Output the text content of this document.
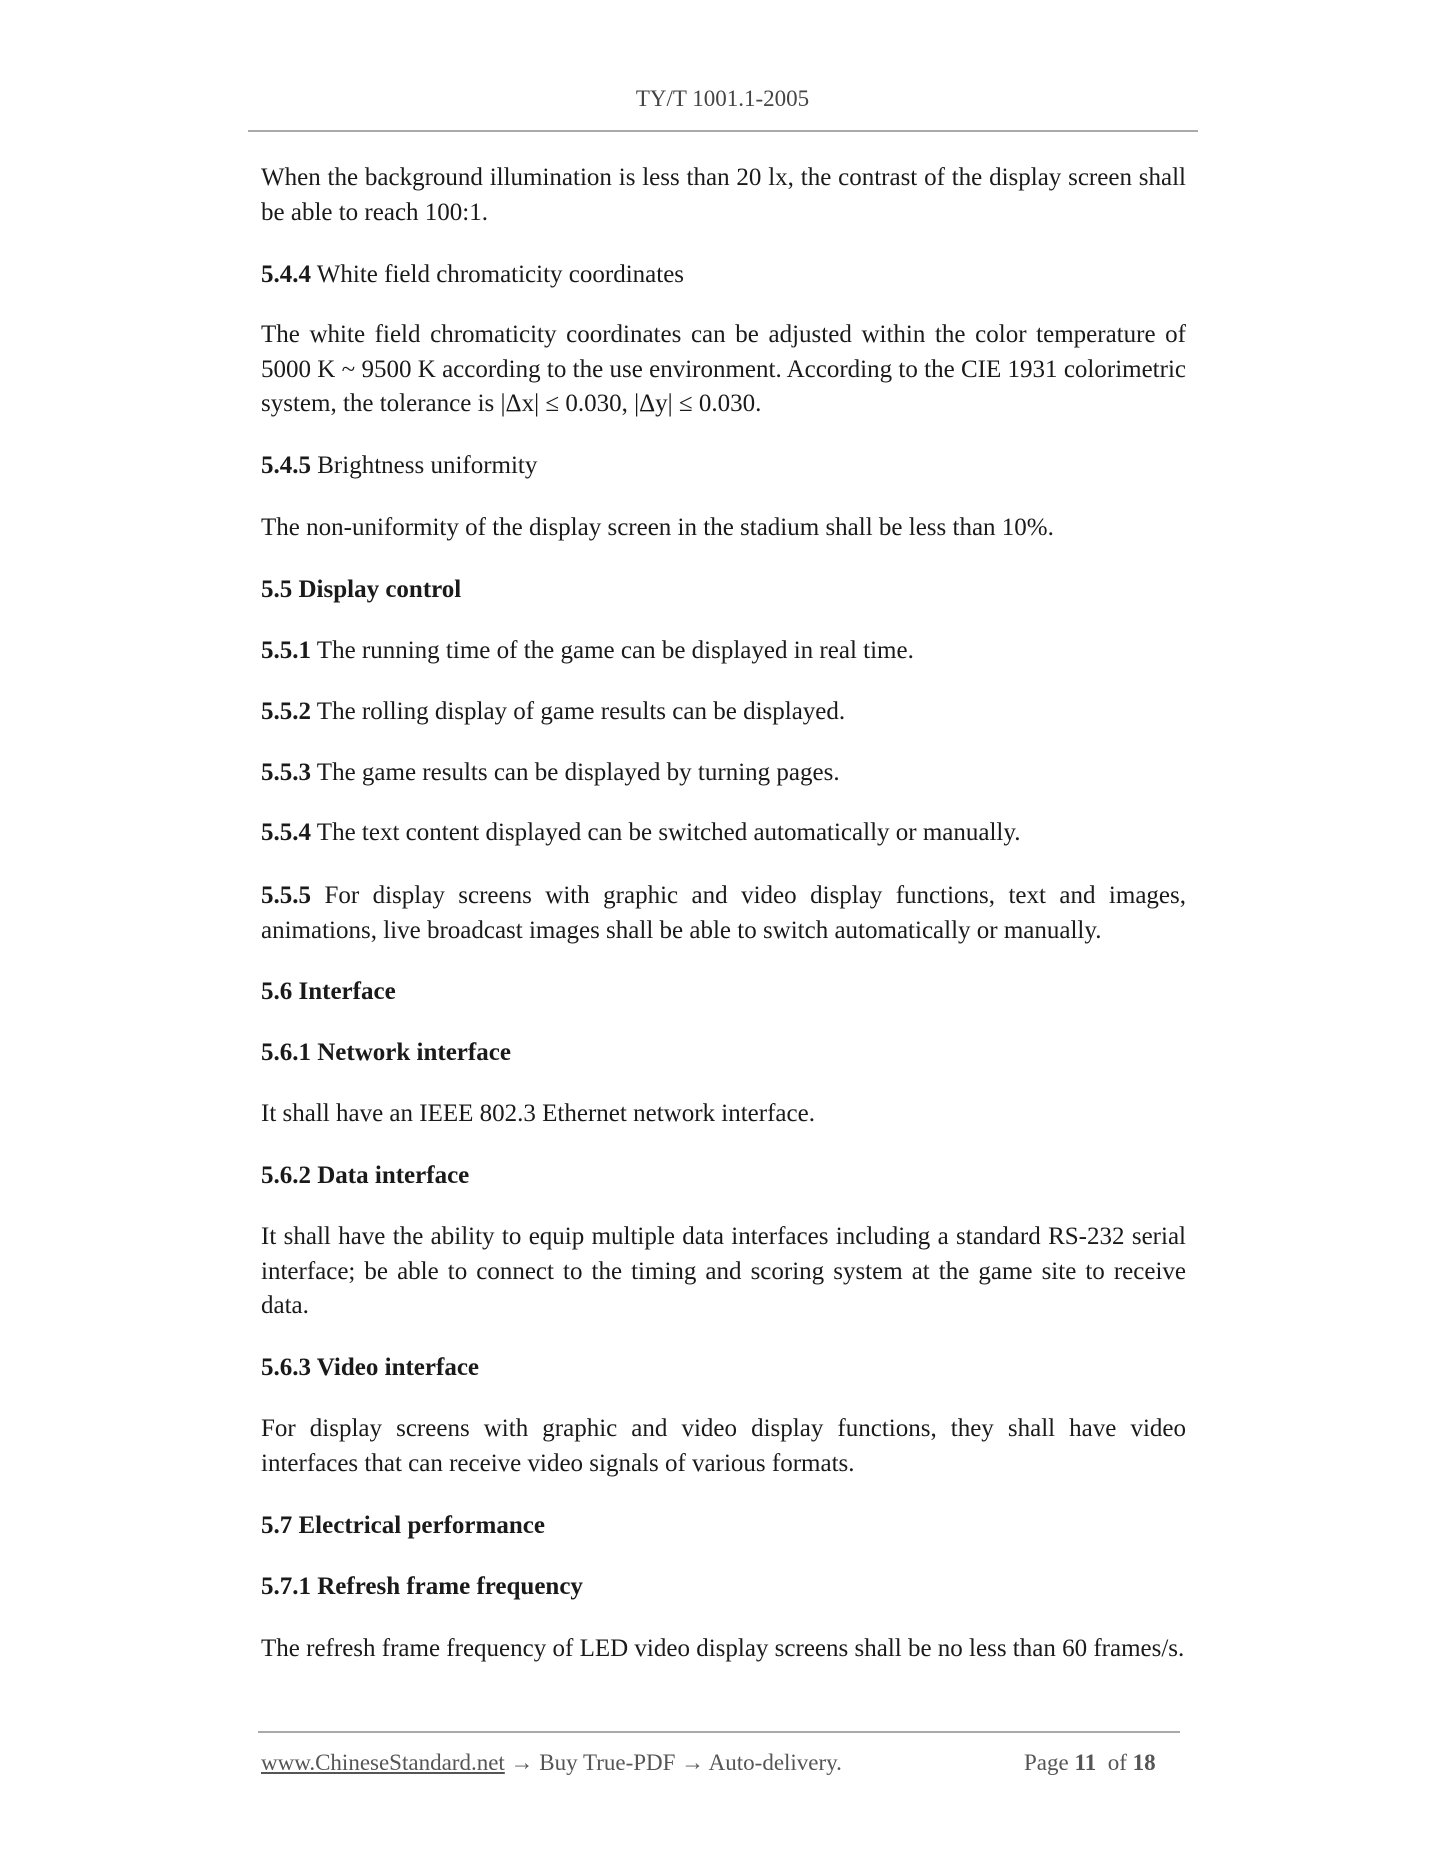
TY/T 1001.1-2005
When the background illumination is less than 20 lx, the contrast of the display screen shall be able to reach 100:1.
5.4.4 White field chromaticity coordinates
The white field chromaticity coordinates can be adjusted within the color temperature of 5000 K ~ 9500 K according to the use environment. According to the CIE 1931 colorimetric system, the tolerance is |Δx| ≤ 0.030, |Δy| ≤ 0.030.
5.4.5 Brightness uniformity
The non-uniformity of the display screen in the stadium shall be less than 10%.
5.5 Display control
5.5.1 The running time of the game can be displayed in real time.
5.5.2 The rolling display of game results can be displayed.
5.5.3 The game results can be displayed by turning pages.
5.5.4 The text content displayed can be switched automatically or manually.
5.5.5 For display screens with graphic and video display functions, text and images, animations, live broadcast images shall be able to switch automatically or manually.
5.6 Interface
5.6.1 Network interface
It shall have an IEEE 802.3 Ethernet network interface.
5.6.2 Data interface
It shall have the ability to equip multiple data interfaces including a standard RS-232 serial interface; be able to connect to the timing and scoring system at the game site to receive data.
5.6.3 Video interface
For display screens with graphic and video display functions, they shall have video interfaces that can receive video signals of various formats.
5.7 Electrical performance
5.7.1 Refresh frame frequency
The refresh frame frequency of LED video display screens shall be no less than 60 frames/s.
www.ChineseStandard.net → Buy True-PDF → Auto-delivery.	Page 11 of 18
